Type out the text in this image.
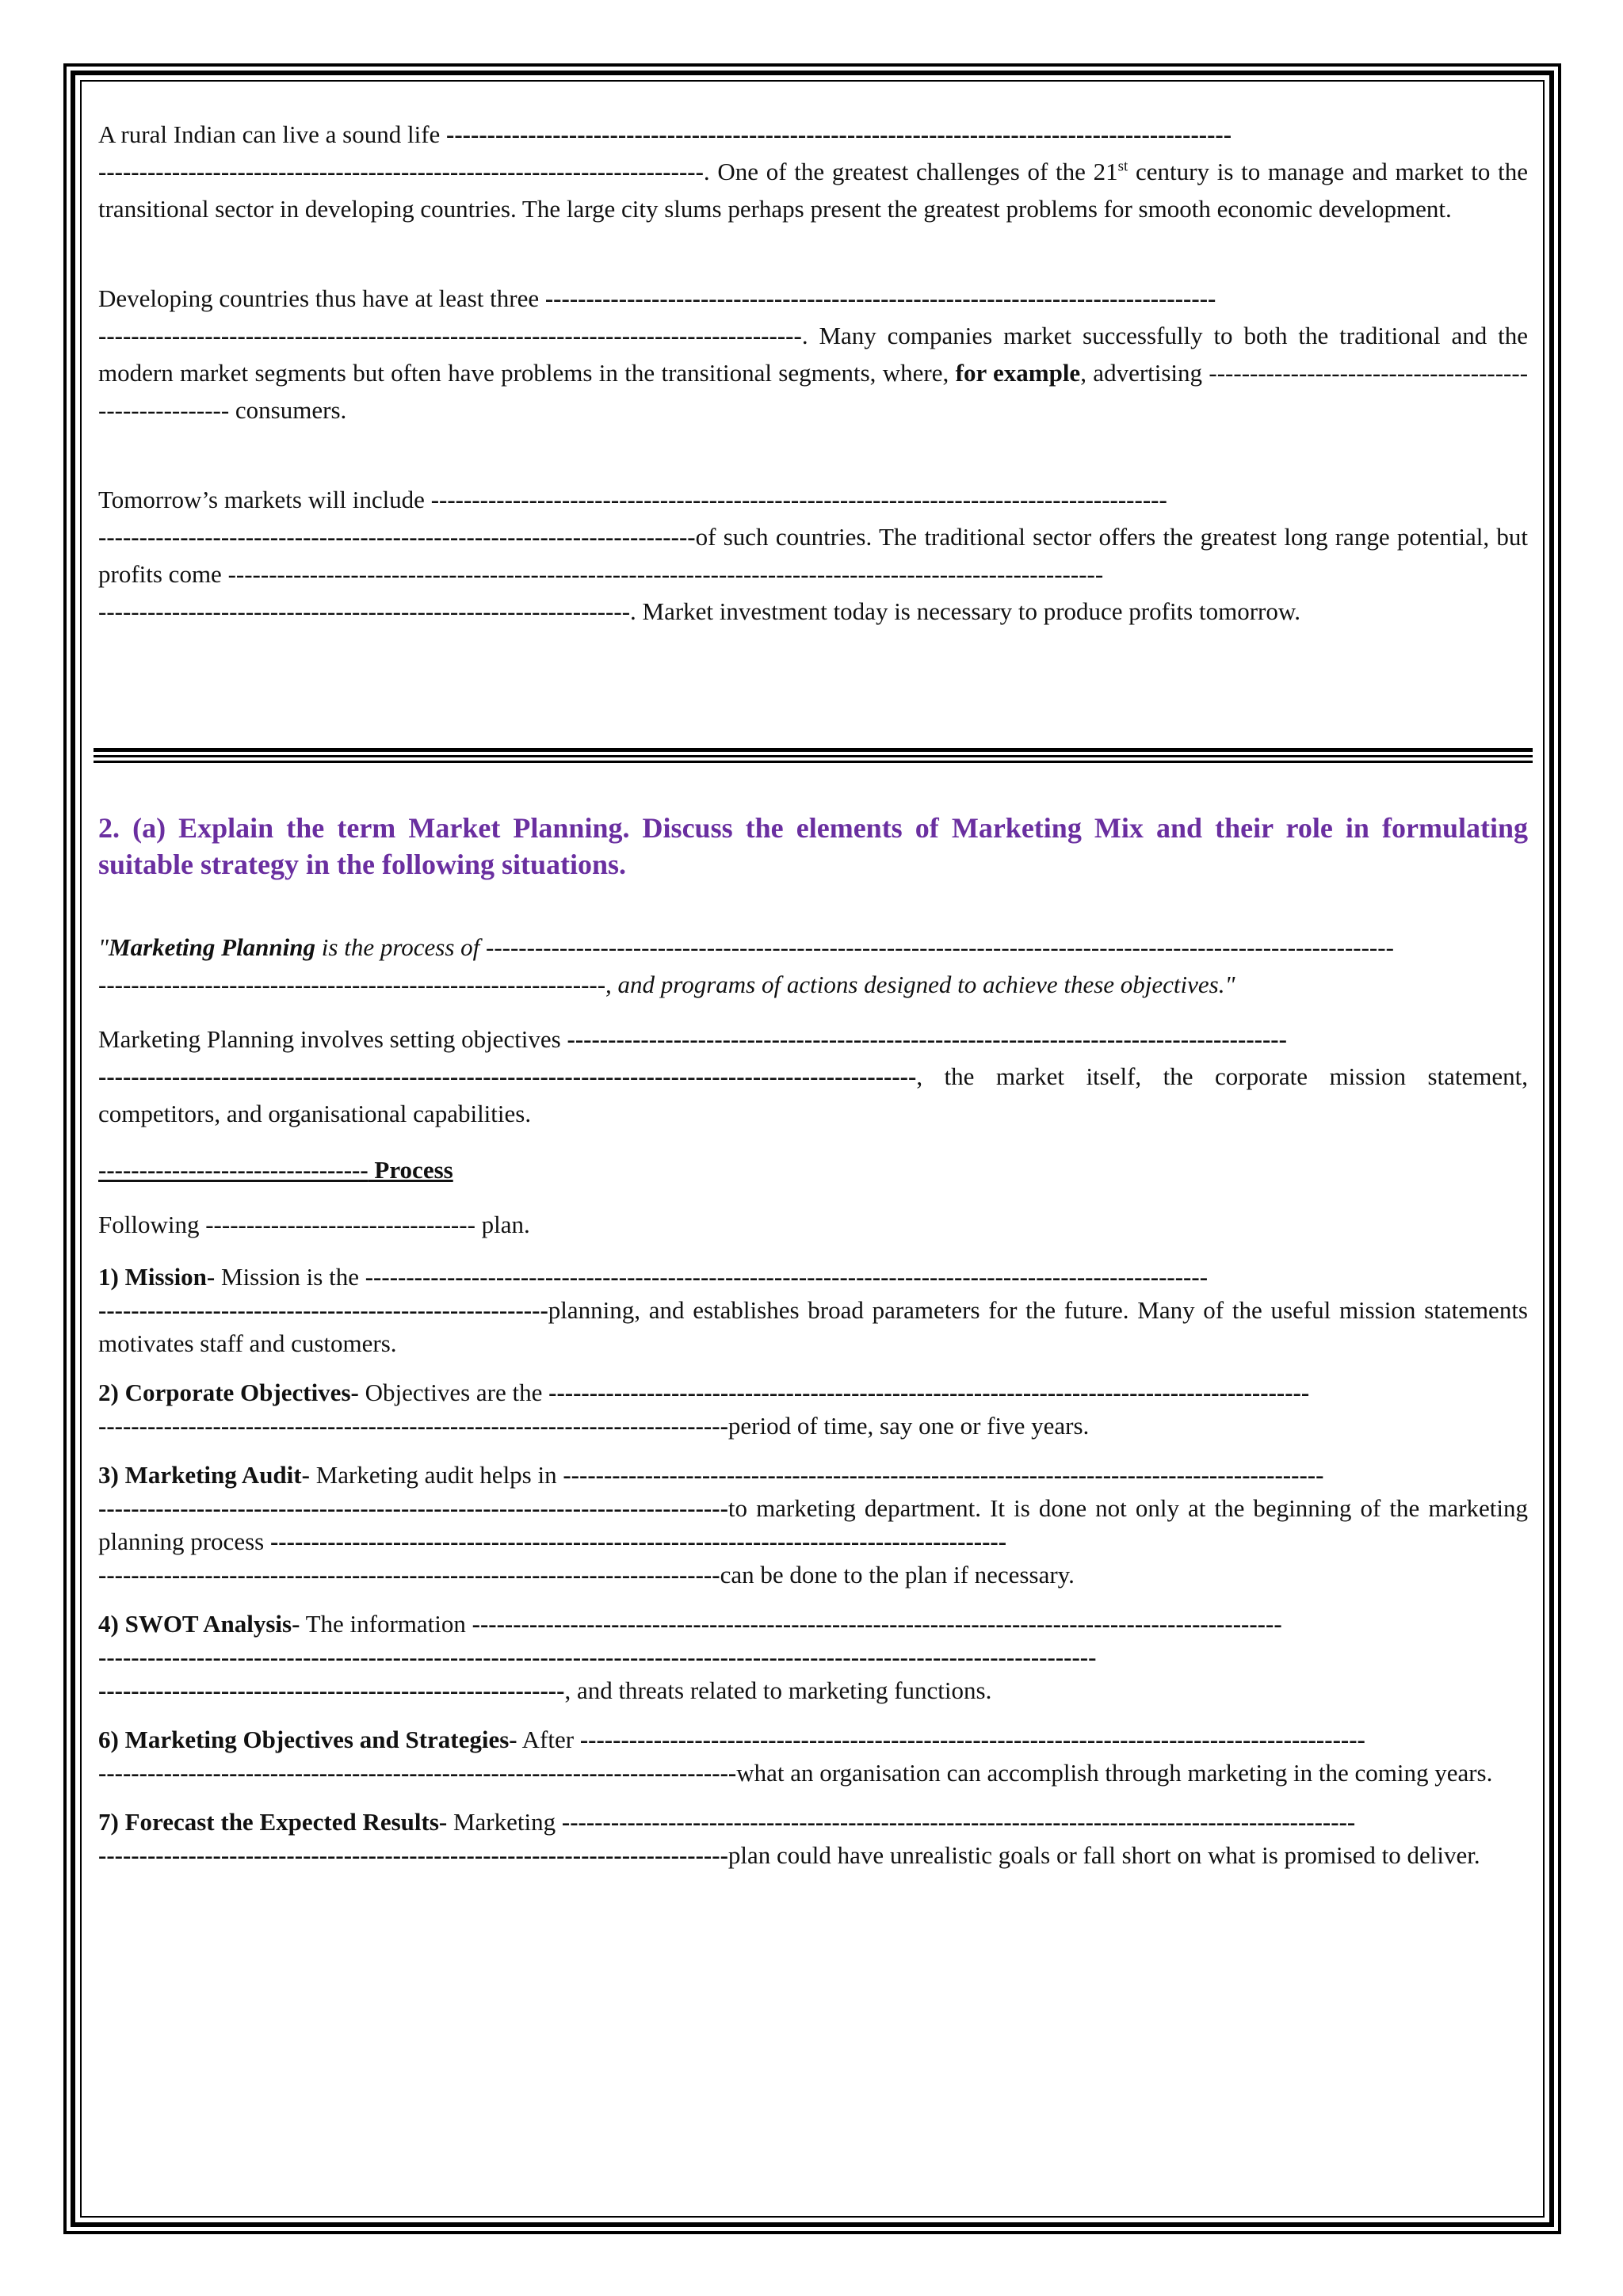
A rural Indian can live a sound life ------------------------------------------------------------------------------------------------
--------------------------------------------------------------------------. One of the greatest challenges of the 21st century is to manage and market to the transitional sector in developing countries. The large city slums perhaps present the greatest problems for smooth economic development.

Developing countries thus have at least three ----------------------------------------------------------------------------------
--------------------------------------------------------------------------------------. Many companies market successfully to both the traditional and the modern market segments but often have problems in the transitional segments, where, for example, advertising ------------------------------------------------------- consumers.

Tomorrow’s markets will include ------------------------------------------------------------------------------------------
-------------------------------------------------------------------------of such countries. The traditional sector offers the greatest long range potential, but profits come -----------------------------------------------------------------------------------------------------------
-----------------------------------------------------------------. Market investment today is necessary to produce profits tomorrow.

2. (a) Explain the term Market Planning. Discuss the elements of Marketing Mix and their role in formulating suitable strategy in the following situations.

"Marketing Planning is the process of ---------------------------------------------------------------------------------------------------------------
--------------------------------------------------------------, and programs of actions designed to achieve these objectives."

Marketing Planning involves setting objectives ----------------------------------------------------------------------------------------
----------------------------------------------------------------------------------------------------, the market itself, the corporate mission statement, competitors, and organisational capabilities.

--------------------------------- Process

Following --------------------------------- plan.

1) Mission- Mission is the -------------------------------------------------------------------------------------------------------
-------------------------------------------------------planning, and establishes broad parameters for the future. Many of the useful mission statements motivates staff and customers.

2) Corporate Objectives- Objectives are the ---------------------------------------------------------------------------------------------
-----------------------------------------------------------------------------period of time, say one or five years.

3) Marketing Audit- Marketing audit helps in ---------------------------------------------------------------------------------------------
-----------------------------------------------------------------------------to marketing department. It is done not only at the beginning of the marketing planning process ------------------------------------------------------------------------------------------
----------------------------------------------------------------------------can be done to the plan if necessary.

4) SWOT Analysis- The information ---------------------------------------------------------------------------------------------------
--------------------------------------------------------------------------------------------------------------------------
---------------------------------------------------------, and threats related to marketing functions.

6) Marketing Objectives and Strategies- After ------------------------------------------------------------------------------------------------
------------------------------------------------------------------------------what an organisation can accomplish through marketing in the coming years.

7) Forecast the Expected Results- Marketing -------------------------------------------------------------------------------------------------
-----------------------------------------------------------------------------plan could have unrealistic goals or fall short on what is promised to deliver.
